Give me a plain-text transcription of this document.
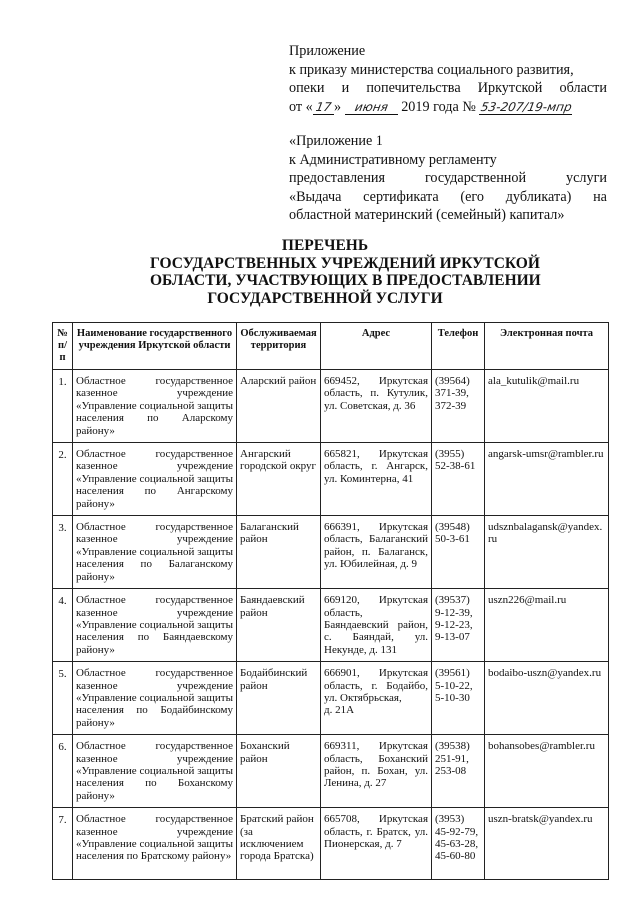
Приложение
к приказу министерства социального развития,
опеки и попечительства Иркутской области
от « 17 » июня 2019 года № 53-207/19-мпр
«Приложение 1
к Административному регламенту
предоставления	государственной	услуги
«Выдача сертификата (его дубликата) на
областной материнский (семейный) капитал»
ПЕРЕЧЕНЬ
ГОСУДАРСТВЕННЫХ УЧРЕЖДЕНИЙ ИРКУТСКОЙ
ОБЛАСТИ, УЧАСТВУЮЩИХ В ПРЕДОСТАВЛЕНИИ
ГОСУДАРСТВЕННОЙ УСЛУГИ
№ п/п	Наименование государственного учреждения Иркутской области	Обслуживаемая территория	Адрес	Телефон	Электронная почта
1.	Областное государственное казенное учреждение «Управление социальной защиты населения по Аларскому району»	Аларский район	669452, Иркутская область, п. Кутулик, ул. Советская, д. 36	(39564)
371-39,
372-39	ala_kutulik@mail.ru
2.	Областное государственное казенное учреждение «Управление социальной защиты населения по Ангарскому району»	Ангарский городской округ	665821, Иркутская область, г. Ангарск, ул. Коминтерна, 41	(3955)
52-38-61	angarsk-umsr@rambler.ru
3.	Областное государственное казенное учреждение «Управление социальной защиты населения по Балаганскому району»	Балаганский район	666391, Иркутская область, Балаганский район, п. Балаганск, ул. Юбилейная, д. 9	(39548)
50-3-61	udsznbalagansk@yandex.ru
4.	Областное государственное казенное учреждение «Управление социальной защиты населения по Баяндаевскому району»	Баяндаевский район	669120, Иркутская область, Баяндаевский район, с. Баяндай, ул. Некунде, д. 131	(39537)
9-12-39,
9-12-23,
9-13-07	uszn226@mail.ru
5.	Областное государственное казенное учреждение «Управление социальной защиты населения по Бодайбинскому району»	Бодайбинский район	666901, Иркутская область, г. Бодайбо, ул. Октябрьская,
д. 21А	(39561)
5-10-22,
5-10-30	bodaibo-uszn@yandex.ru
6.	Областное государственное казенное учреждение «Управление социальной защиты населения по Боханскому району»	Боханский район	669311, Иркутская область, Боханский район, п. Бохан, ул. Ленина, д. 27	(39538)
251-91,
253-08	bohansobes@rambler.ru
7.	Областное государственное казенное учреждение «Управление социальной защиты населения по Братскому району»	Братский район (за исключением города Братска)	665708, Иркутская область, г. Братск, ул. Пионерская, д. 7	(3953)
45-92-79,
45-63-28,
45-60-80	uszn-bratsk@yandex.ru
